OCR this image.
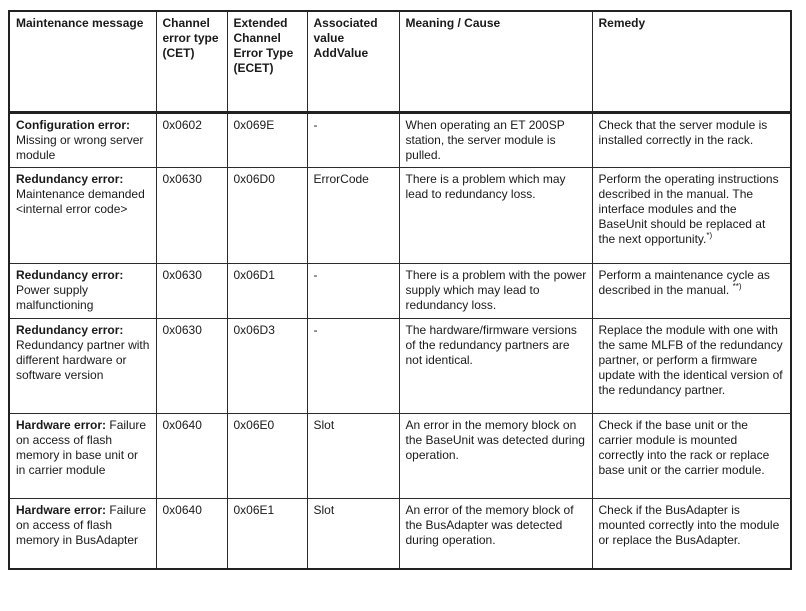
Maintenance message	Channel error type (CET)	Extended Channel Error Type (ECET)	Associated value AddValue	Meaning / Cause	Remedy
Configuration error: Missing or wrong server module	0x0602	0x069E	-	When operating an ET 200SP station, the server module is pulled.	Check that the server module is installed correctly in the rack.
Redundancy error: Maintenance demanded <internal error code>	0x0630	0x06D0	ErrorCode	There is a problem which may lead to redundancy loss.	Perform the operating instructions described in the manual. The interface modules and the BaseUnit should be replaced at the next opportunity.*)
Redundancy error: Power supply malfunctioning	0x0630	0x06D1	-	There is a problem with the power supply which may lead to redundancy loss.	Perform a maintenance cycle as described in the manual. **)
Redundancy error: Redundancy partner with different hardware or software version	0x0630	0x06D3	-	The hardware/firmware versions of the redundancy partners are not identical.	Replace the module with one with the same MLFB of the redundancy partner, or perform a firmware update with the identical version of the redundancy partner.
Hardware error: Failure on access of flash memory in base unit or in carrier module	0x0640	0x06E0	Slot	An error in the memory block on the BaseUnit was detected during operation.	Check if the base unit or the carrier module is mounted correctly into the rack or replace base unit or the carrier module.
Hardware error: Failure on access of flash memory in BusAdapter	0x0640	0x06E1	Slot	An error of the memory block of the BusAdapter was detected during operation.	Check if the BusAdapter is mounted correctly into the module or replace the BusAdapter.
